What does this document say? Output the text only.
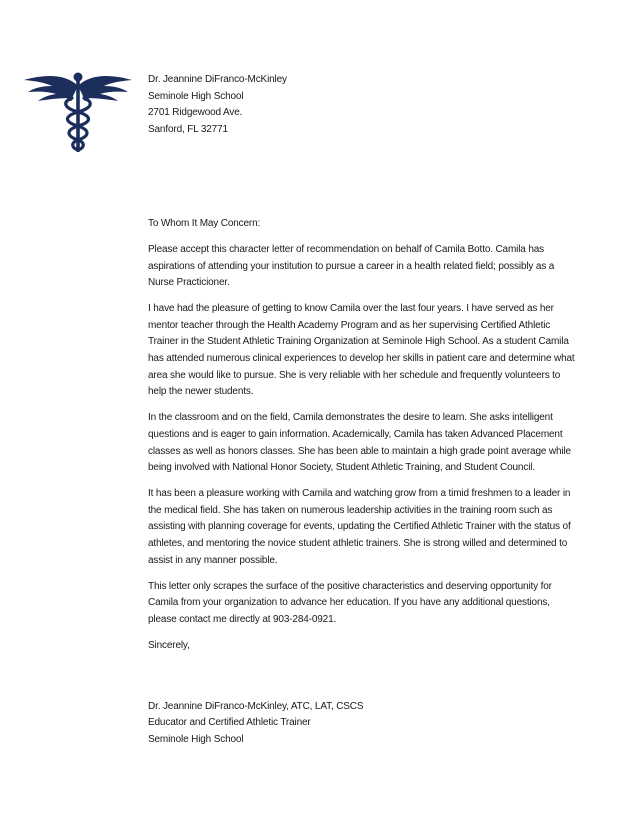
Dr. Jeannine DiFranco-McKinley

Seminole High School

2701 Ridgewood Ave.

Sanford, FL 32771

To Whom It May Concern:

Please accept this character letter of recommendation on behalf of Camila Botto. Camila has aspirations of attending your institution to pursue a career in a health related field; possibly as a Nurse Practicioner.

I have had the pleasure of getting to know Camila over the last four years. I have served as her mentor teacher through the Health Academy Program and as her supervising Certified Athletic Trainer in the Student Athletic Training Organization at Seminole High School. As a student Camila has attended numerous clinical experiences to develop her skills in patient care and determine what area she would like to pursue. She is very reliable with her schedule and frequently volunteers to help the newer students.

In the classroom and on the field, Camila demonstrates the desire to learn. She asks intelligent questions and is eager to gain information. Academically, Camila has taken Advanced Placement classes as well as honors classes. She has been able to maintain a high grade point average while being involved with National Honor Society, Student Athletic Training, and Student Council.

It has been a pleasure working with Camila and watching grow from a timid freshmen to a leader in the medical field. She has taken on numerous leadership activities in the training room such as assisting with planning coverage for events, updating the Certified Athletic Trainer with the status of athletes, and mentoring the novice student athletic trainers. She is strong willed and determined to assist in any manner possible.

This letter only scrapes the surface of the positive characteristics and deserving opportunity for Camila from your organization to advance her education. If you have any additional questions, please contact me directly at 903-284-0921.

Sincerely,

Dr. Jeannine DiFranco-McKinley, ATC, LAT, CSCS

Educator and Certified Athletic Trainer

Seminole High School
